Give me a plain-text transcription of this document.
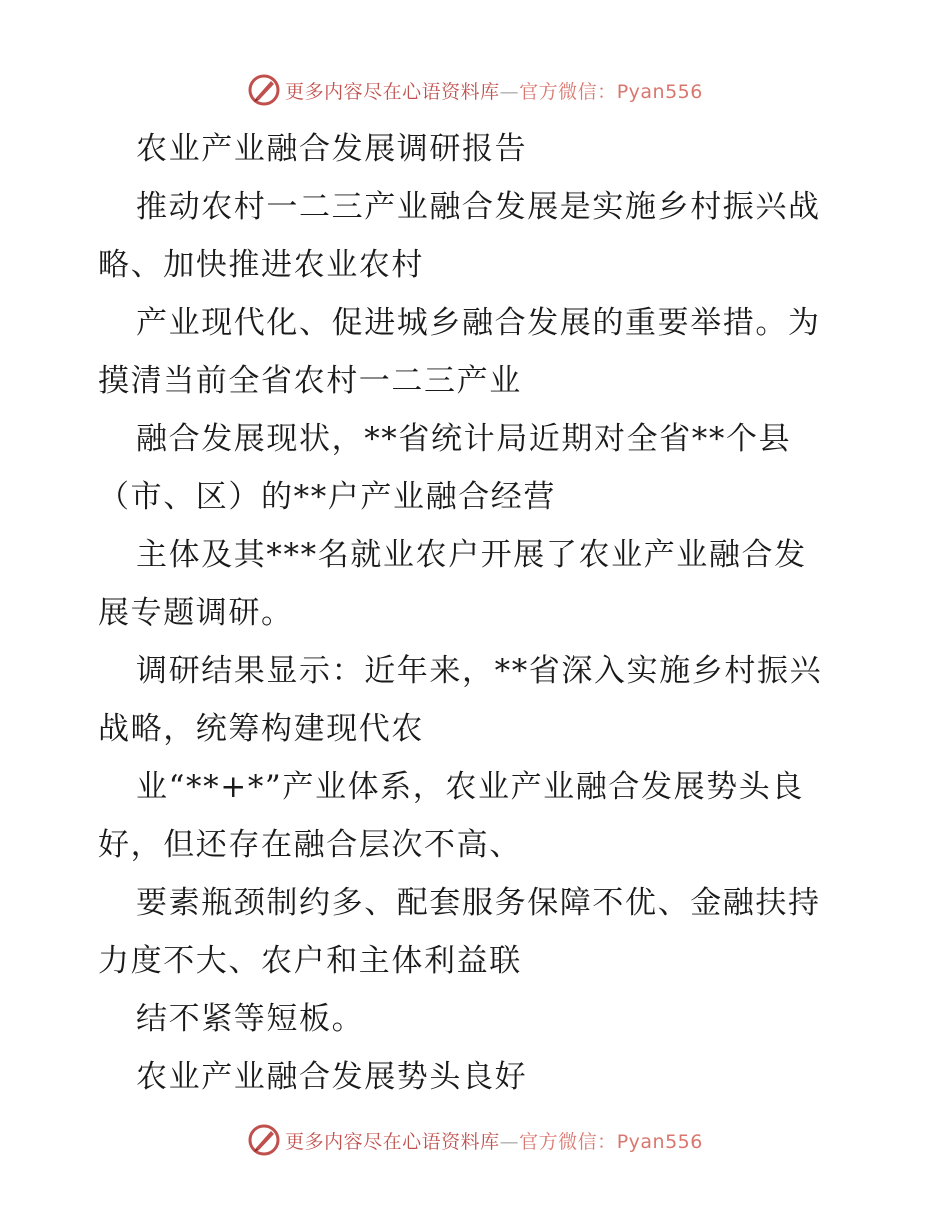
更多内容尽在心语资料库—官方微信：Pyan556

农业产业融合发展调研报告

推动农村一二三产业融合发展是实施乡村振兴战
略、加快推进农业农村

产业现代化、促进城乡融合发展的重要举措。为
摸清当前全省农村一二三产业

融合发展现状，**省统计局近期对全省**个县
（市、区）的**户产业融合经营

主体及其***名就业农户开展了农业产业融合发
展专题调研。

调研结果显示：近年来，**省深入实施乡村振兴
战略，统筹构建现代农

业“**+*”产业体系，农业产业融合发展势头良
好，但还存在融合层次不高、

要素瓶颈制约多、配套服务保障不优、金融扶持
力度不大、农户和主体利益联

结不紧等短板。

农业产业融合发展势头良好

更多内容尽在心语资料库—官方微信：Pyan556
